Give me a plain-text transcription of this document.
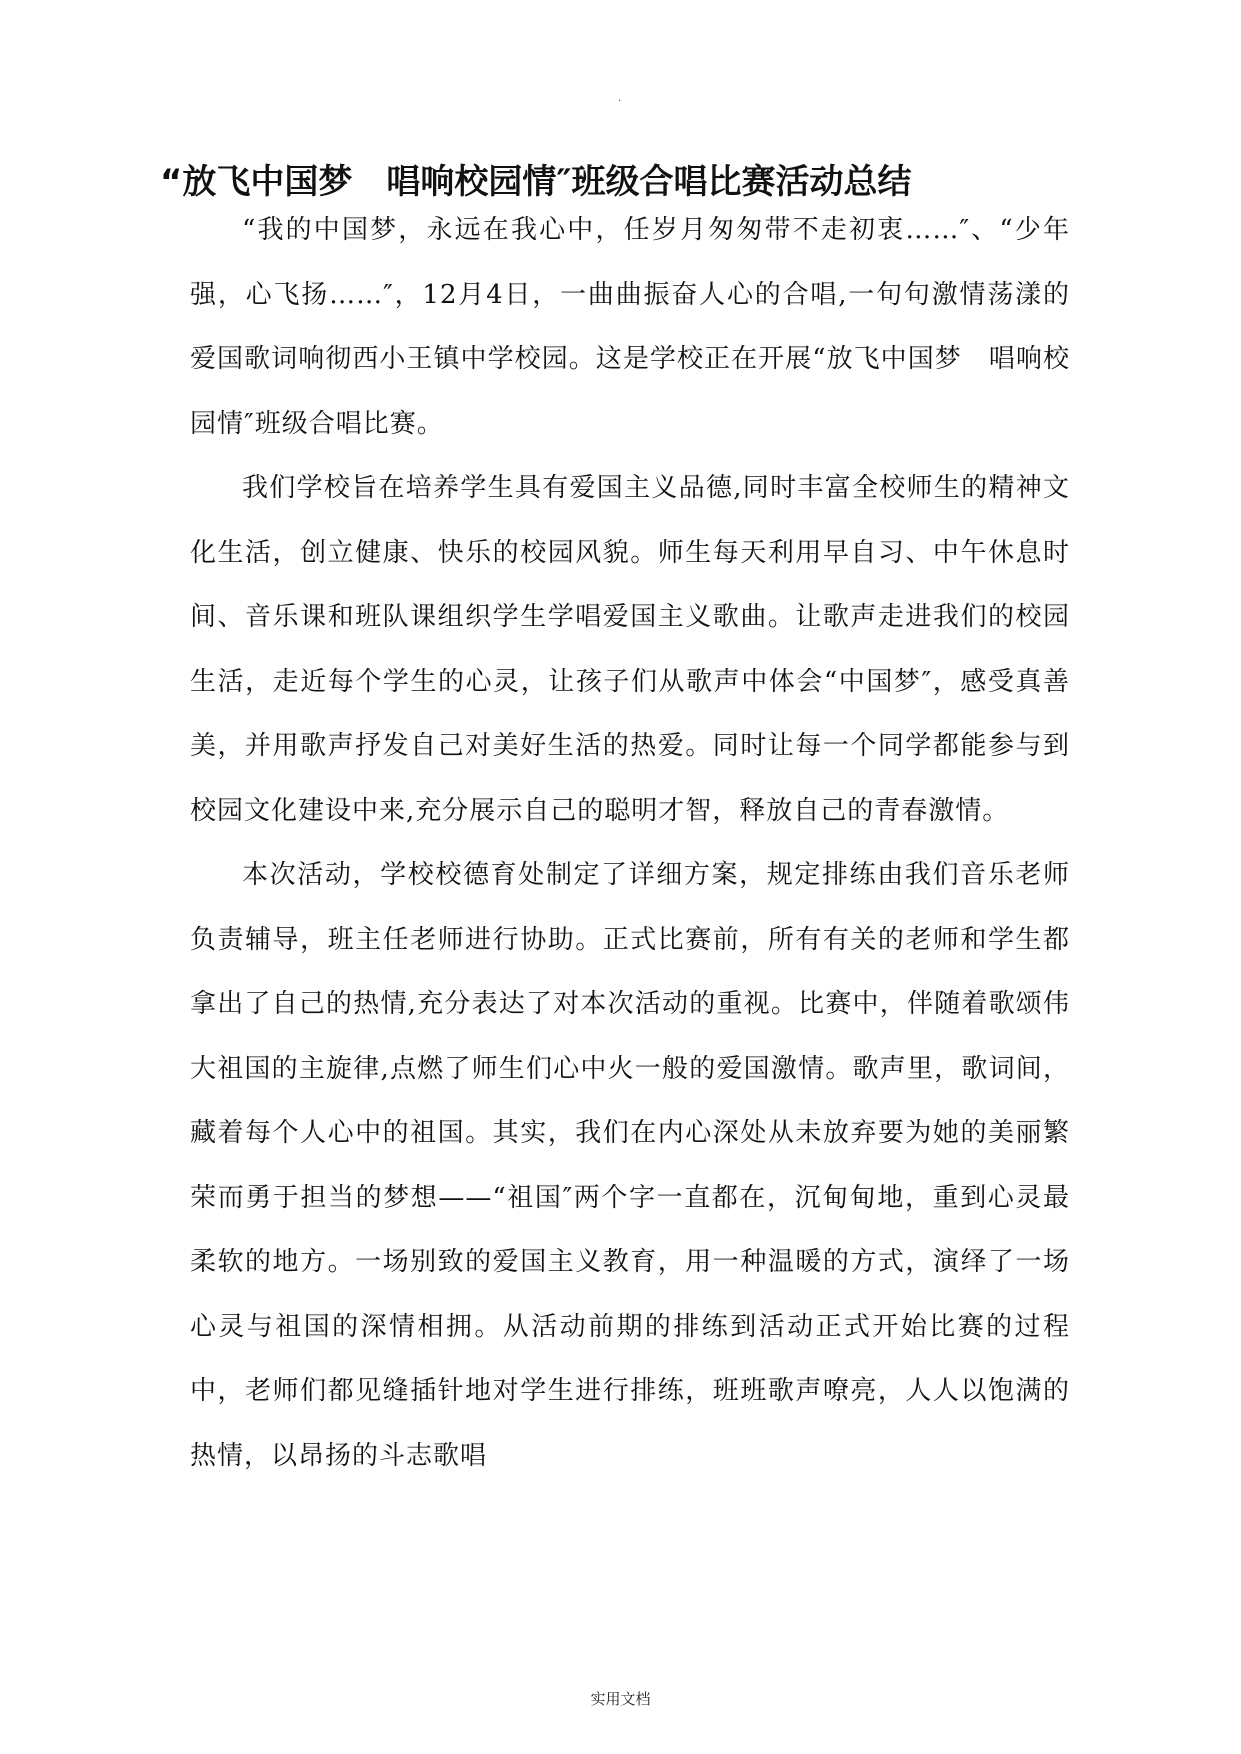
.
“放飞中国梦　唱响校园情″班级合唱比赛活动总结

“我的中国梦，永远在我心中，任岁月匆匆带不走初衷……″、“少年强，心飞扬……″，12月4日，一曲曲振奋人心的合唱,一句句激情荡漾的爱国歌词响彻西小王镇中学校园。这是学校正在开展“放飞中国梦　唱响校园情″班级合唱比赛。

我们学校旨在培养学生具有爱国主义品德,同时丰富全校师生的精神文化生活，创立健康、快乐的校园风貌。师生每天利用早自习、中午休息时间、音乐课和班队课组织学生学唱爱国主义歌曲。让歌声走进我们的校园生活，走近每个学生的心灵，让孩子们从歌声中体会“中国梦″，感受真善美，并用歌声抒发自己对美好生活的热爱。同时让每一个同学都能参与到校园文化建设中来,充分展示自己的聪明才智，释放自己的青春激情。

本次活动，学校校德育处制定了详细方案，规定排练由我们音乐老师负责辅导，班主任老师进行协助。正式比赛前，所有有关的老师和学生都拿出了自己的热情,充分表达了对本次活动的重视。比赛中，伴随着歌颂伟大祖国的主旋律,点燃了师生们心中火一般的爱国激情。歌声里，歌词间，藏着每个人心中的祖国。其实，我们在内心深处从未放弃要为她的美丽繁荣而勇于担当的梦想——“祖国″两个字一直都在，沉甸甸地，重到心灵最柔软的地方。一场别致的爱国主义教育，用一种温暖的方式，演绎了一场心灵与祖国的深情相拥。从活动前期的排练到活动正式开始比赛的过程中，老师们都见缝插针地对学生进行排练，班班歌声嘹亮，人人以饱满的热情，以昂扬的斗志歌唱

实用文档
